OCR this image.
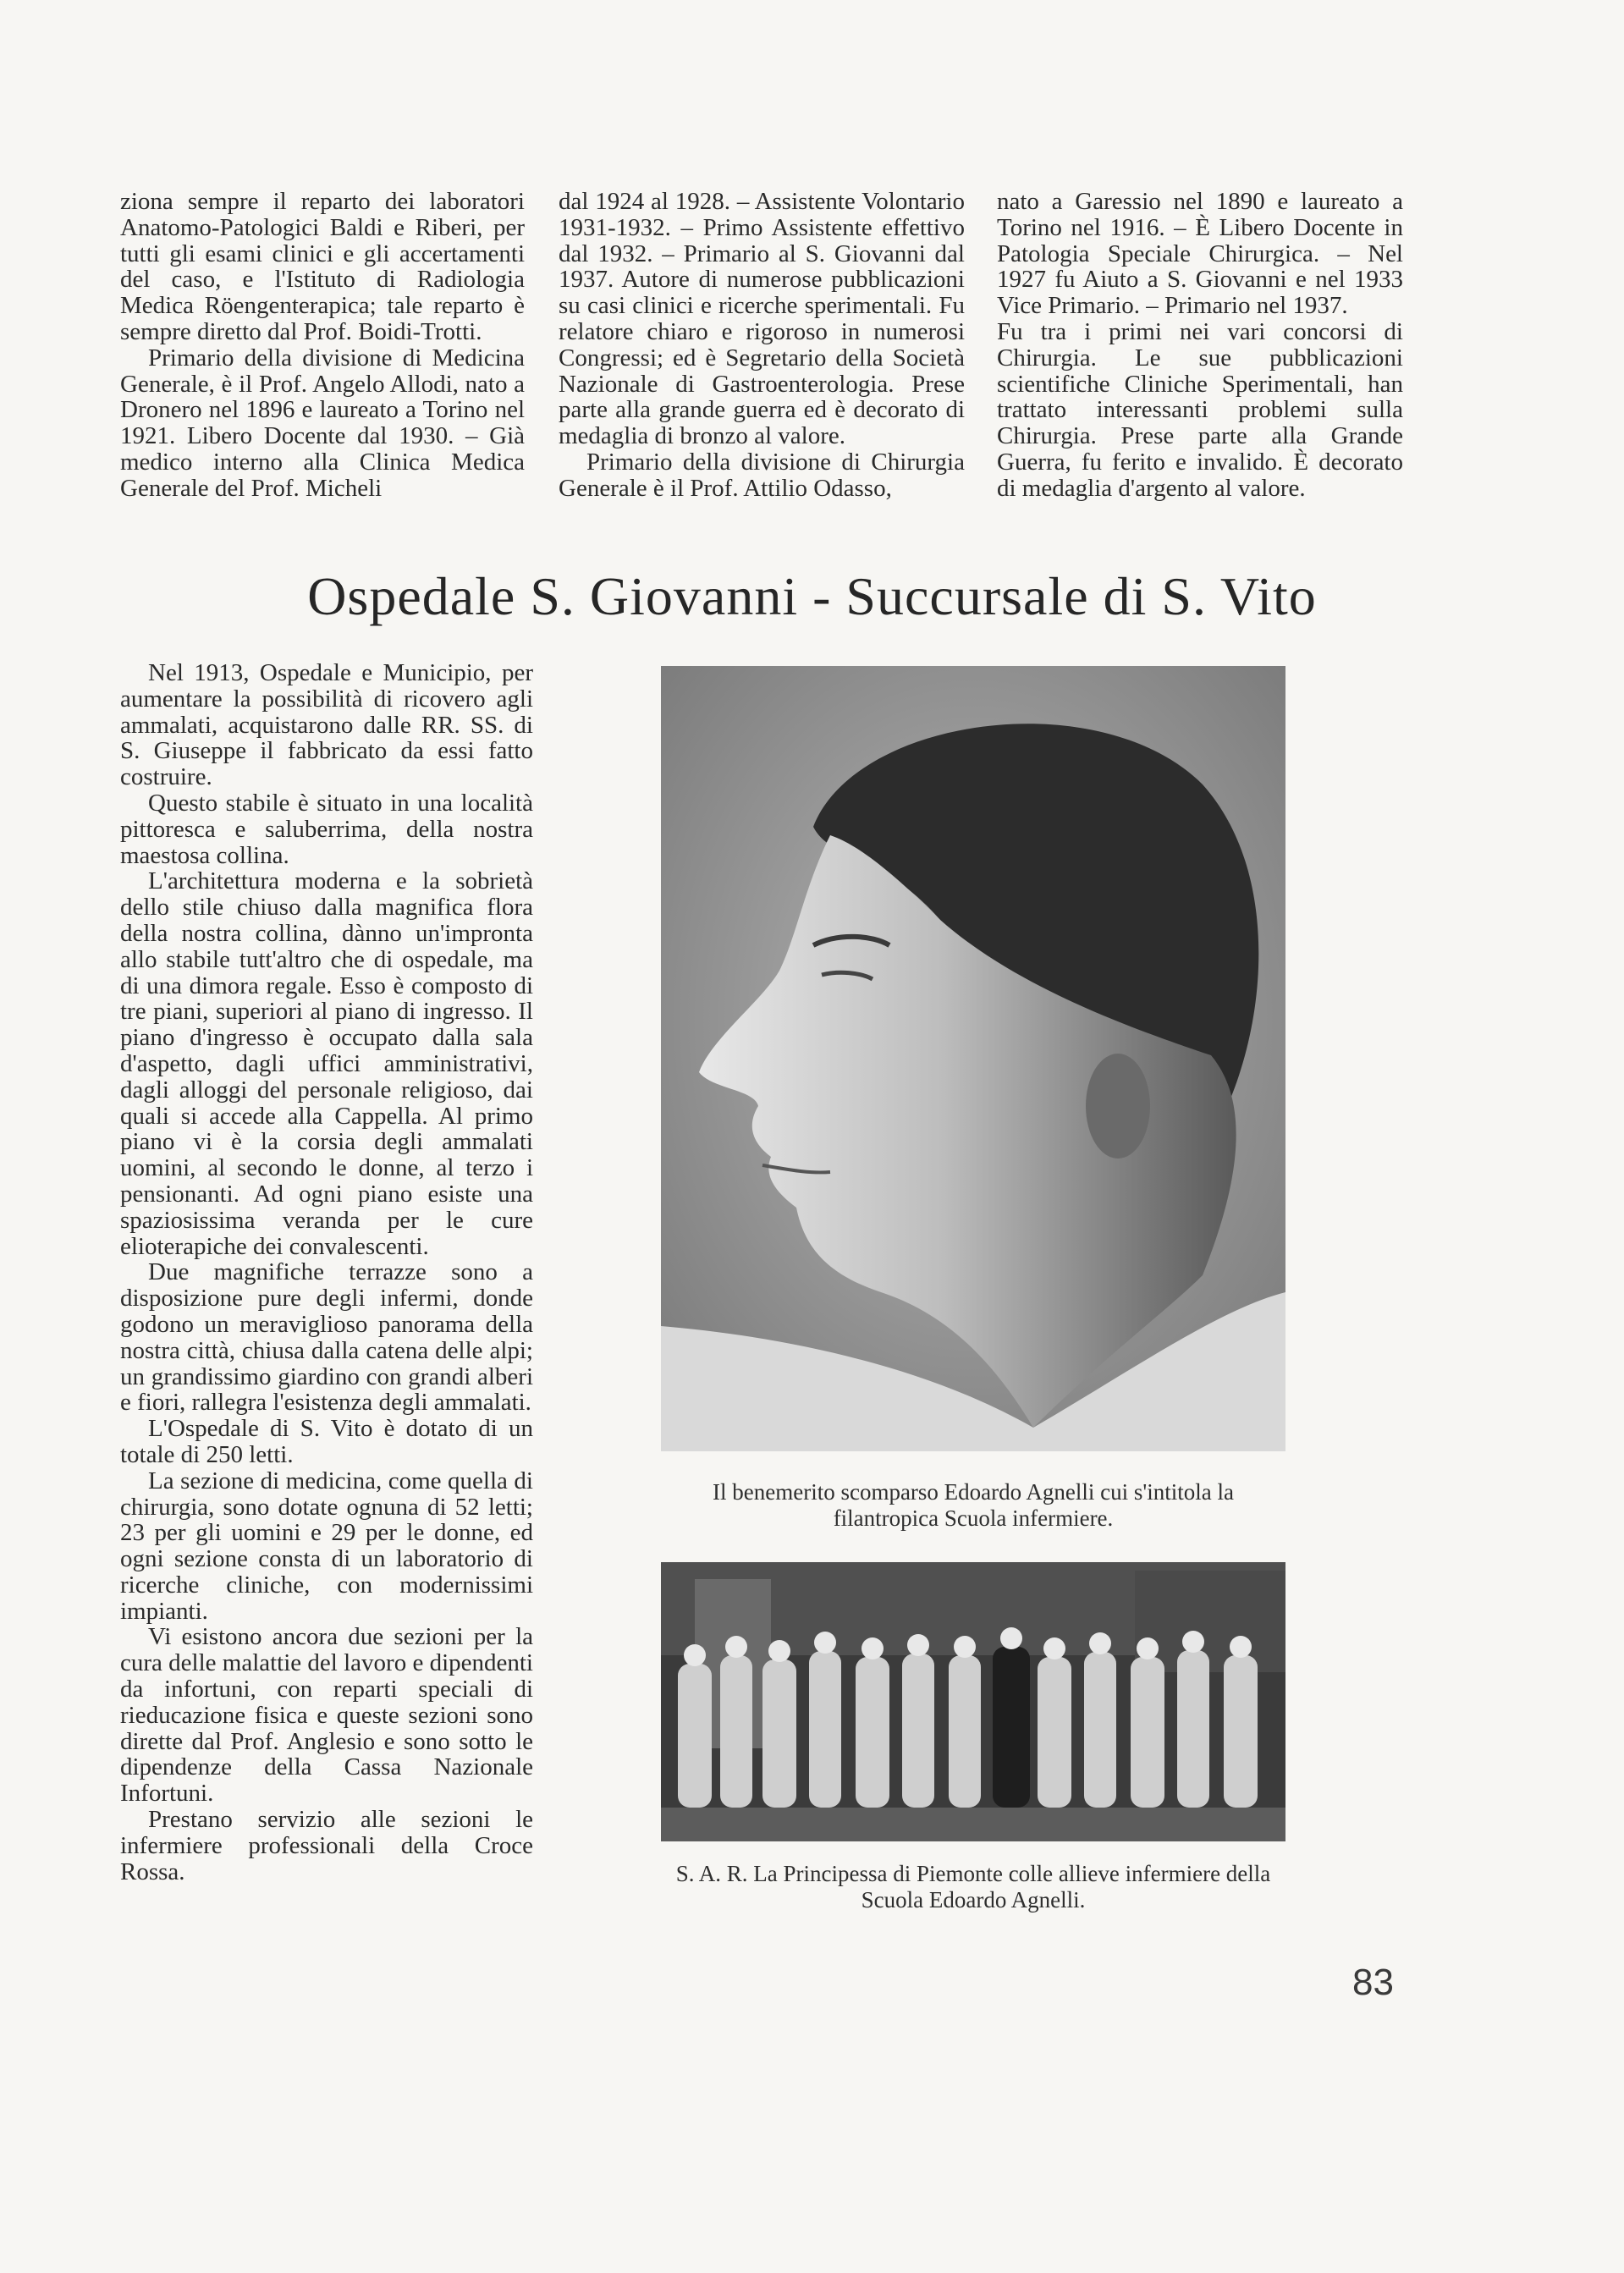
ziona sempre il reparto dei laboratori Anatomo-Patologici Baldi e Riberi, per tutti gli esami clinici e gli accertamenti del caso, e l'Istituto di Radiologia Medica Röengenterapica; tale reparto è sempre diretto dal Prof. Boidi-Trotti.

Primario della divisione di Medicina Generale, è il Prof. Angelo Allodi, nato a Dronero nel 1896 e laureato a Torino nel 1921. Libero Docente dal 1930. – Già medico interno alla Clinica Medica Generale del Prof. Micheli

dal 1924 al 1928. – Assistente Volontario 1931-1932. – Primo Assistente effettivo dal 1932. – Primario al S. Giovanni dal 1937. Autore di numerose pubblicazioni su casi clinici e ricerche sperimentali. Fu relatore chiaro e rigoroso in numerosi Congressi; ed è Segretario della Società Nazionale di Gastroenterologia. Prese parte alla grande guerra ed è decorato di medaglia di bronzo al valore.

Primario della divisione di Chirurgia Generale è il Prof. Attilio Odasso,

nato a Garessio nel 1890 e laureato a Torino nel 1916. – È Libero Docente in Patologia Speciale Chirurgica. – Nel 1927 fu Aiuto a S. Giovanni e nel 1933 Vice Primario. – Primario nel 1937.

Fu tra i primi nei vari concorsi di Chirurgia. Le sue pubblicazioni scientifiche Cliniche Sperimentali, han trattato interessanti problemi sulla Chirurgia. Prese parte alla Grande Guerra, fu ferito e invalido. È decorato di medaglia d'argento al valore.

Ospedale S. Giovanni - Succursale di S. Vito

Nel 1913, Ospedale e Municipio, per aumentare la possibilità di ricovero agli ammalati, acquistarono dalle RR. SS. di S. Giuseppe il fabbricato da essi fatto costruire.

Questo stabile è situato in una località pittoresca e saluberrima, della nostra maestosa collina.

L'architettura moderna e la sobrietà dello stile chiuso dalla magnifica flora della nostra collina, dànno un'impronta allo stabile tutt'altro che di ospedale, ma di una dimora regale. Esso è composto di tre piani, superiori al piano di ingresso. Il piano d'ingresso è occupato dalla sala d'aspetto, dagli uffici amministrativi, dagli alloggi del personale religioso, dai quali si accede alla Cappella. Al primo piano vi è la corsia degli ammalati uomini, al secondo le donne, al terzo i pensionanti. Ad ogni piano esiste una spaziosissima veranda per le cure elioterapiche dei convalescenti.

Due magnifiche terrazze sono a disposizione pure degli infermi, donde godono un meraviglioso panorama della nostra città, chiusa dalla catena delle alpi; un grandissimo giardino con grandi alberi e fiori, rallegra l'esistenza degli ammalati.

L'Ospedale di S. Vito è dotato di un totale di 250 letti.

La sezione di medicina, come quella di chirurgia, sono dotate ognuna di 52 letti; 23 per gli uomini e 29 per le donne, ed ogni sezione consta di un laboratorio di ricerche cliniche, con modernissimi impianti.

Vi esistono ancora due sezioni per la cura delle malattie del lavoro e dipendenti da infortuni, con reparti speciali di rieducazione fisica e queste sezioni sono dirette dal Prof. Anglesio e sono sotto le dipendenze della Cassa Nazionale Infortuni.

Prestano servizio alle sezioni le infermiere professionali della Croce Rossa.

Il benemerito scomparso Edoardo Agnelli cui s'intitola la filantropica Scuola infermiere.
S. A. R. La Principessa di Piemonte colle allieve infermiere della Scuola Edoardo Agnelli.
83
